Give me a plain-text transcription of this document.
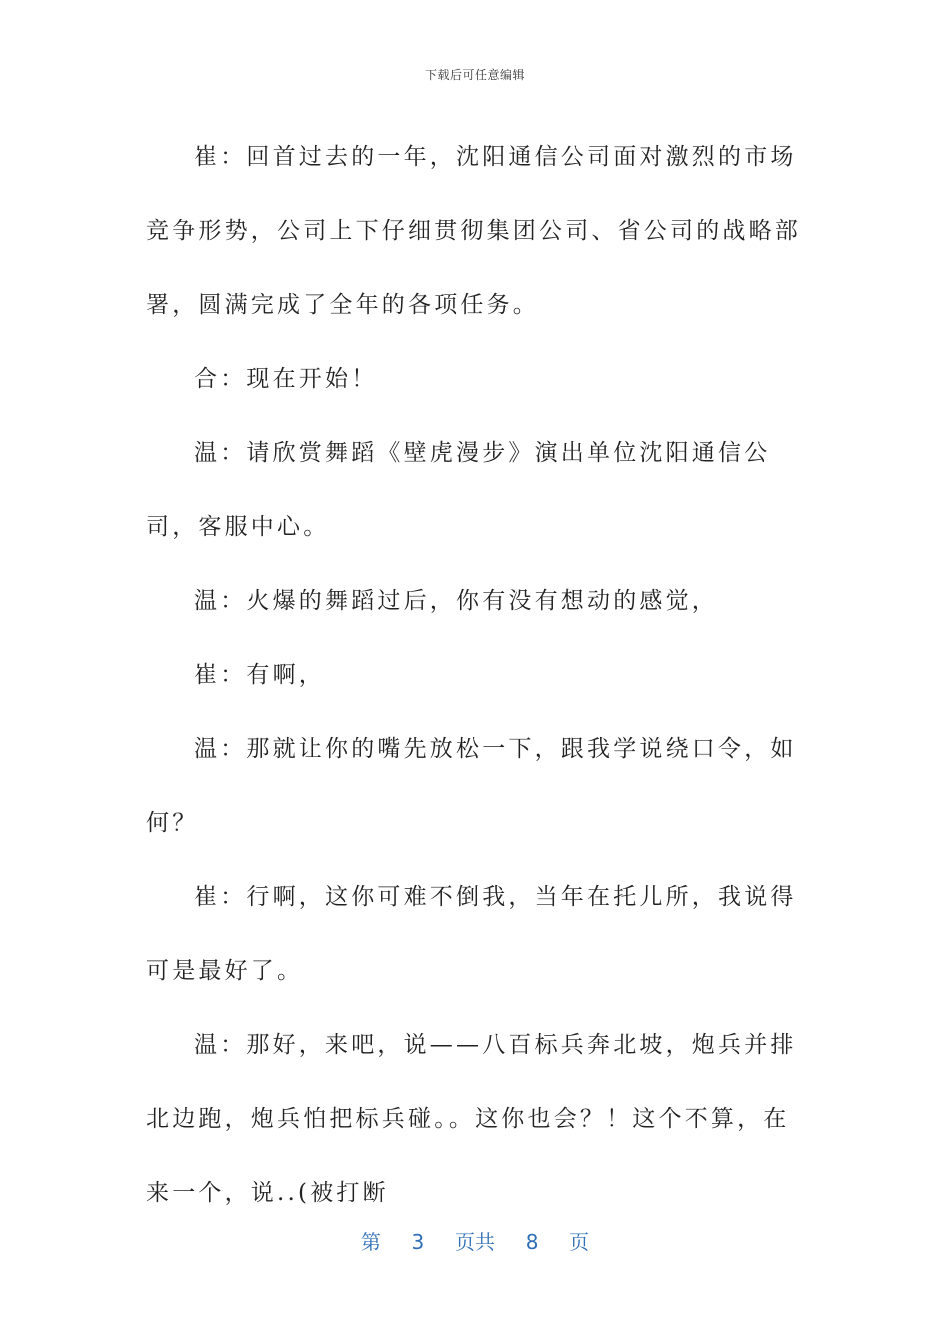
下载后可任意编辑

崔：回首过去的一年，沈阳通信公司面对激烈的市场竞争形势，公司上下仔细贯彻集团公司、省公司的战略部署，圆满完成了全年的各项任务。

合：现在开始！

温：请欣赏舞蹈《壁虎漫步》演出单位沈阳通信公司，客服中心。

温：火爆的舞蹈过后，你有没有想动的感觉，

崔：有啊，

温：那就让你的嘴先放松一下，跟我学说绕口令，如何？

崔：行啊，这你可难不倒我，当年在托儿所，我说得可是最好了。

温：那好，来吧，说——八百标兵奔北坡，炮兵并排北边跑，炮兵怕把标兵碰。。这你也会？！这个不算，在来一个，说..(被打断

第 3 页共 8 页
